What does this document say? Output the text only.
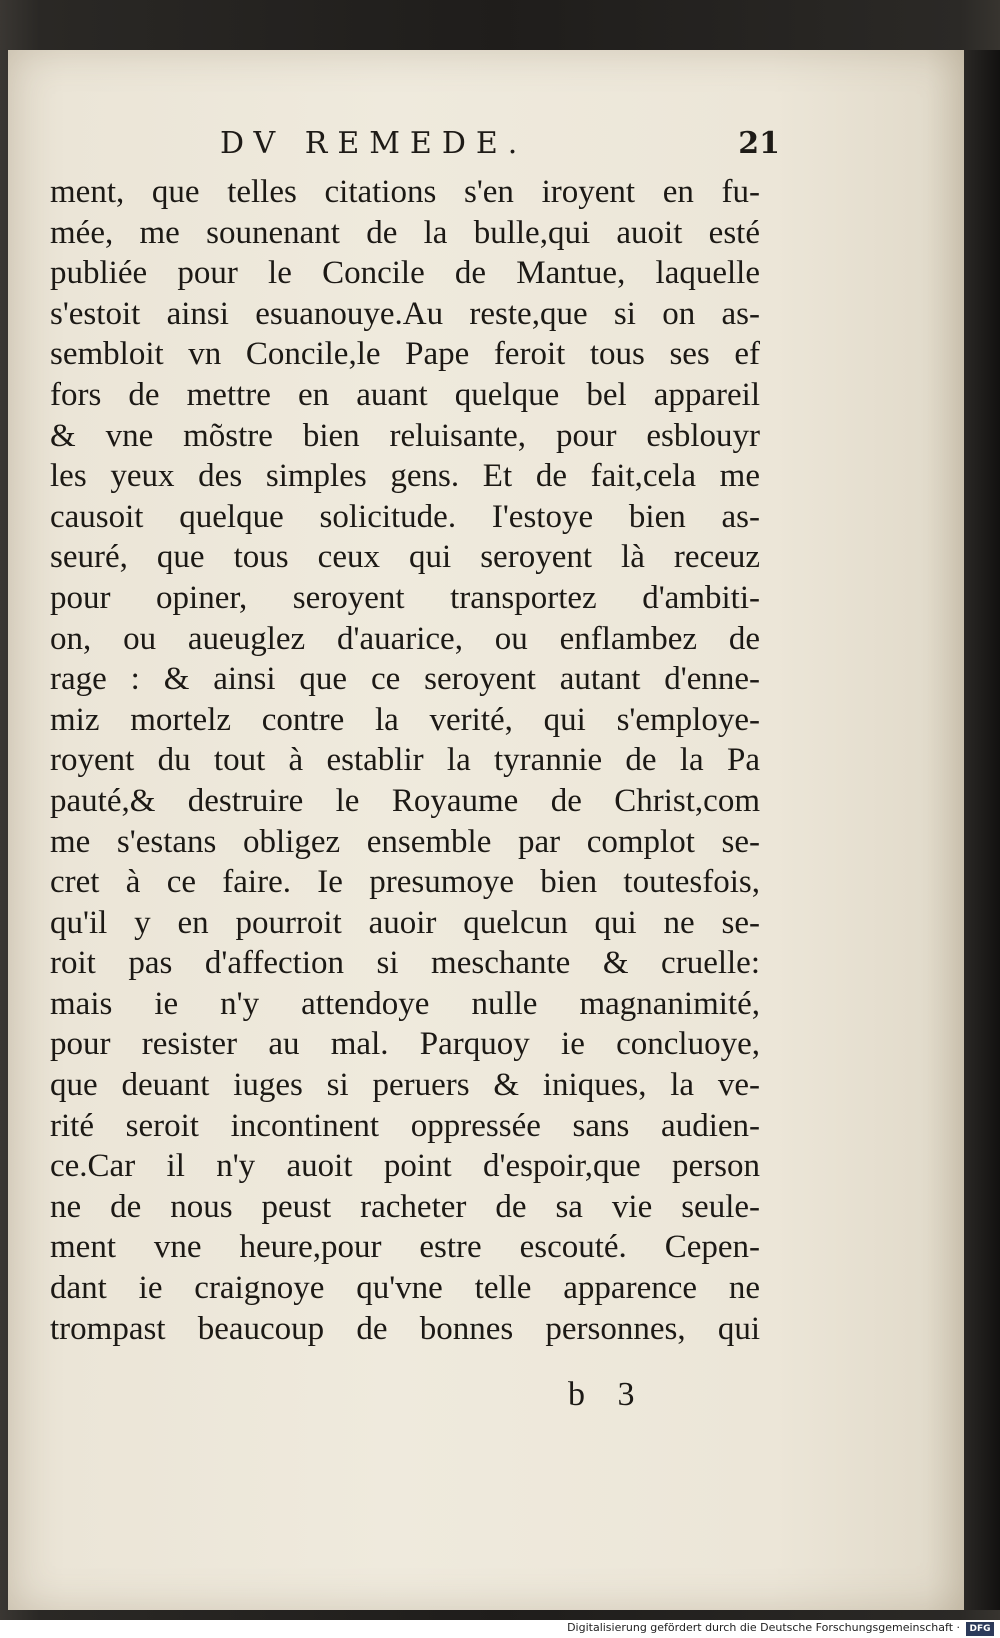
DV REMEDE.	21
ment, que telles citations s'en iroyent en fu-
mée, me sounenant de la bulle,qui auoit esté
publiée pour le Concile de Mantue, laquelle
s'estoit ainsi esuanouye.Au reste,que si on as-
sembloit vn Concile,le Pape feroit tous ses ef
fors de mettre en auant quelque bel appareil
& vne mõstre bien reluisante, pour esblouyr
les yeux des simples gens. Et de fait,cela me
causoit quelque solicitude. I'estoye bien as-
seuré, que tous ceux qui seroyent là receuz
pour opiner, seroyent transportez d'ambiti-
on, ou aueuglez d'auarice, ou enflambez de
rage : & ainsi que ce seroyent autant d'enne-
miz mortelz contre la verité, qui s'employe-
royent du tout à establir la tyrannie de la Pa
pauté,& destruire le Royaume de Christ,com
me s'estans obligez ensemble par complot se-
cret à ce faire. Ie presumoye bien toutesfois,
qu'il y en pourroit auoir quelcun qui ne se-
roit pas d'affection si meschante & cruelle:
mais ie n'y attendoye nulle magnanimité,
pour resister au mal. Parquoy ie concluoye,
que deuant iuges si peruers & iniques, la ve-
rité seroit incontinent oppressée sans audien-
ce.Car il n'y auoit point d'espoir,que person
ne de nous peust racheter de sa vie seule-
ment vne heure,pour estre escouté. Cepen-
dant ie craignoye qu'vne telle apparence ne
trompast beaucoup de bonnes personnes, qui
b 3
Digitalisierung gefördert durch die Deutsche Forschungsgemeinschaft ·	DFG
